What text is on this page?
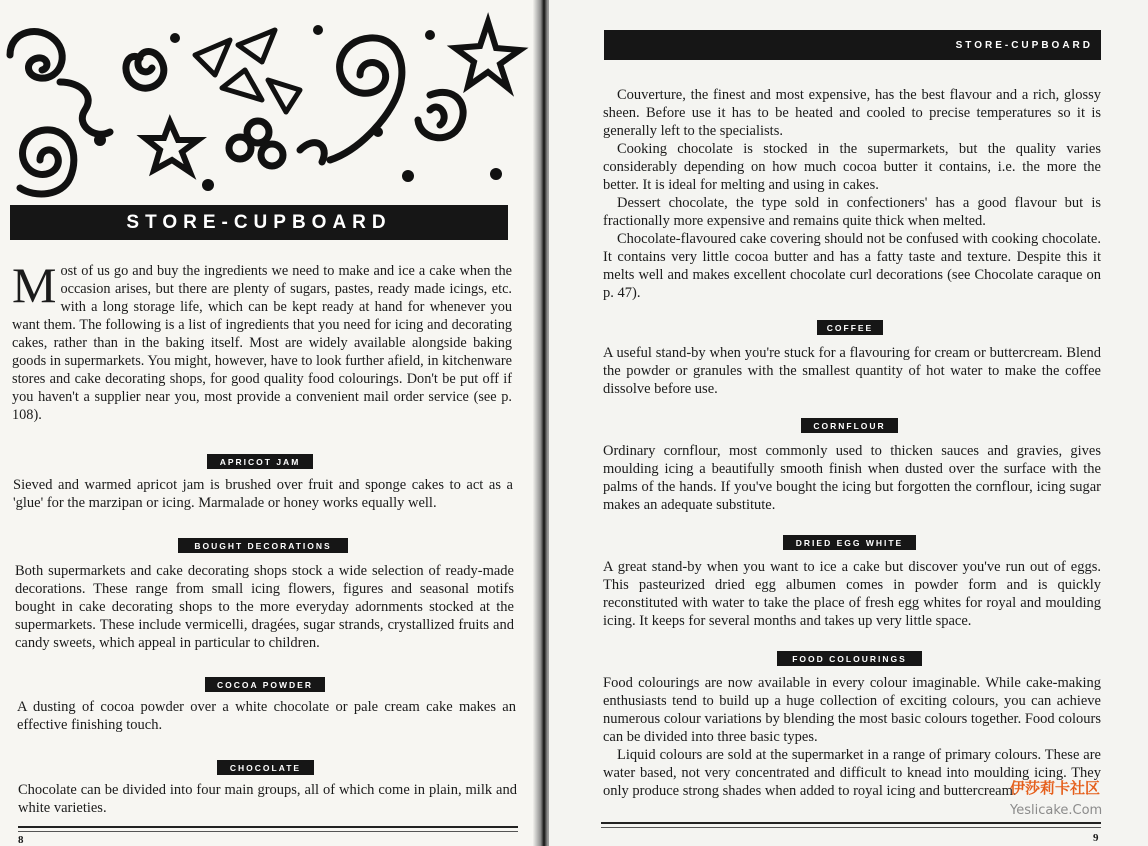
STORE-CUPBOARD
M ost of us go and buy the ingredients we need to make and ice a cake when the occasion arises, but there are plenty of sugars, pastes, ready made icings, etc. with a long storage life, which can be kept ready at hand for whenever you want them. The following is a list of ingredients that you need for icing and decorating cakes, rather than in the baking itself. Most are widely available alongside baking goods in supermarkets. You might, however, have to look further afield, in kitchenware stores and cake decorating shops, for good quality food colourings. Don't be put off if you haven't a supplier near you, most provide a convenient mail order service (see p. 108).
APRICOT JAM

Sieved and warmed apricot jam is brushed over fruit and sponge cakes to act as a 'glue' for the marzipan or icing. Marmalade or honey works equally well.

BOUGHT DECORATIONS

Both supermarkets and cake decorating shops stock a wide selection of ready-made decorations. These range from small icing flowers, figures and seasonal motifs bought in cake decorating shops to the more everyday adornments stocked at the supermarkets. These include vermicelli, dragées, sugar strands, crystallized fruits and candy sweets, which appeal in particular to children.

COCOA POWDER

A dusting of cocoa powder over a white chocolate or pale cream cake makes an effective finishing touch.

CHOCOLATE

Chocolate can be divided into four main groups, all of which come in plain, milk and white varieties.

8
STORE-CUPBOARD

Couverture, the finest and most expensive, has the best flavour and a rich, glossy sheen. Before use it has to be heated and cooled to precise temperatures so it is generally left to the specialists.

Cooking chocolate is stocked in the supermarkets, but the quality varies considerably depending on how much cocoa butter it contains, i.e. the more the better. It is ideal for melting and using in cakes.

Dessert chocolate, the type sold in confectioners' has a good flavour but is fractionally more expensive and remains quite thick when melted.

Chocolate-flavoured cake covering should not be confused with cooking chocolate. It contains very little cocoa butter and has a fatty taste and texture. Despite this it melts well and makes excellent chocolate curl decorations (see Chocolate caraque on p. 47).

COFFEE

A useful stand-by when you're stuck for a flavouring for cream or buttercream. Blend the powder or granules with the smallest quantity of hot water to make the coffee dissolve before use.

CORNFLOUR

Ordinary cornflour, most commonly used to thicken sauces and gravies, gives moulding icing a beautifully smooth finish when dusted over the surface with the palms of the hands. If you've bought the icing but forgotten the cornflour, icing sugar makes an adequate substitute.

DRIED EGG WHITE

A great stand-by when you want to ice a cake but discover you've run out of eggs. This pasteurized dried egg albumen comes in powder form and is quickly reconstituted with water to take the place of fresh egg whites for royal and moulding icing. It keeps for several months and takes up very little space.

FOOD COLOURINGS

Food colourings are now available in every colour imaginable. While cake-making enthusiasts tend to build up a huge collection of exciting colours, you can achieve numerous colour variations by blending the most basic colours together. Food colours can be divided into three basic types.

Liquid colours are sold at the supermarket in a range of primary colours. These are water based, not very concentrated and difficult to knead into moulding icing. They only produce strong shades when added to royal icing and buttercream.

9
伊莎莉卡社区
Yeslicake.Com
